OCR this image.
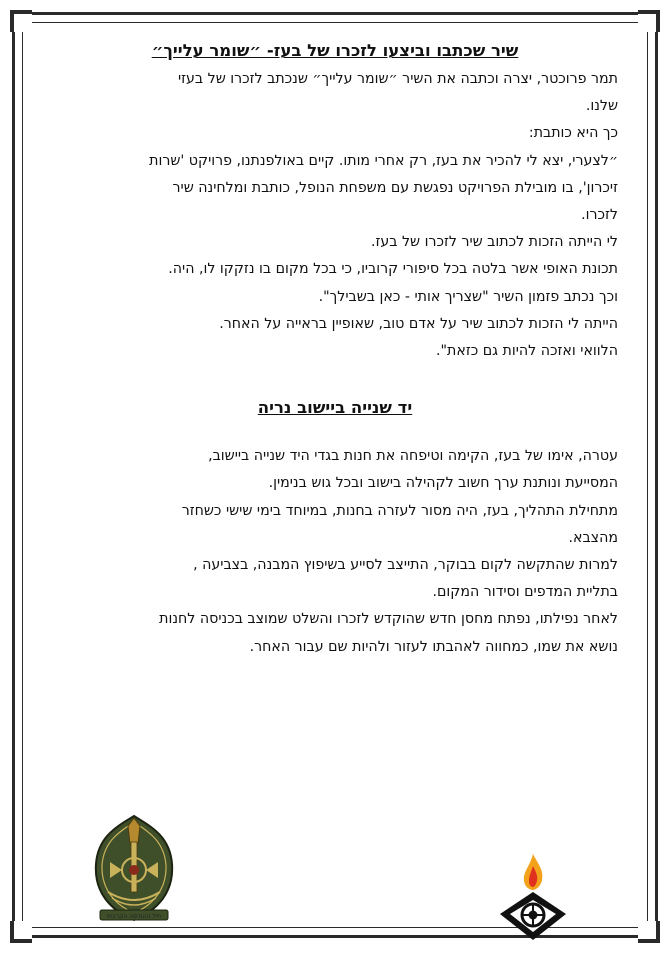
שיר שכתבו וביצעו לזכרו של בעז- ״שומר עלייך״

תמר פרוכטר, יצרה וכתבה את השיר ״שומר עלייך״ שנכתב לזכרו של בעזי

שלנו.

כך היא כותבת:

״לצערי, יצא לי להכיר את בעז, רק אחרי מותו. קיים באולפנתנו, פרויקט 'שרות

זיכרון', בו מובילת הפרויקט נפגשת עם משפחת הנופל, כותבת ומלחינה שיר

לזכרו.

לי הייתה הזכות לכתוב שיר לזכרו של בעז.

תכונת האופי אשר בלטה בכל סיפורי קרוביו, כי בכל מקום בו נזקקו לו, היה.

וכך נכתב פזמון השיר "שצריך אותי - כאן בשבילך".

הייתה לי הזכות לכתוב שיר על אדם טוב, שאופיין בראייה על האחר.

הלוואי ואזכה להיות גם כזאת".

יד שנייה ביישוב נריה

עטרה, אימו של בעז, הקימה וטיפחה את חנות בגדי היד שנייה ביישוב,

המסייעת ונותנת ערך חשוב לקהילה בישוב ובכל גוש בנימין.

מתחילת התהליך, בעז, היה מסור לעזרה בחנות, במיוחד בימי שישי כשחזר

מהצבא.

למרות שהתקשה לקום בבוקר, התייצב לסייע בשיפוץ המבנה, בצביעה ,

בתליית המדפים וסידור המקום.

לאחר נפילתו, נפתח מחסן חדש שהוקדש לזכרו והשלט שמוצב בכניסה לחנות

נושא את שמו, כמחווה לאהבתו לעזור ולהיות שם עבור האחר.

חיל ההנדסה הקרבית
